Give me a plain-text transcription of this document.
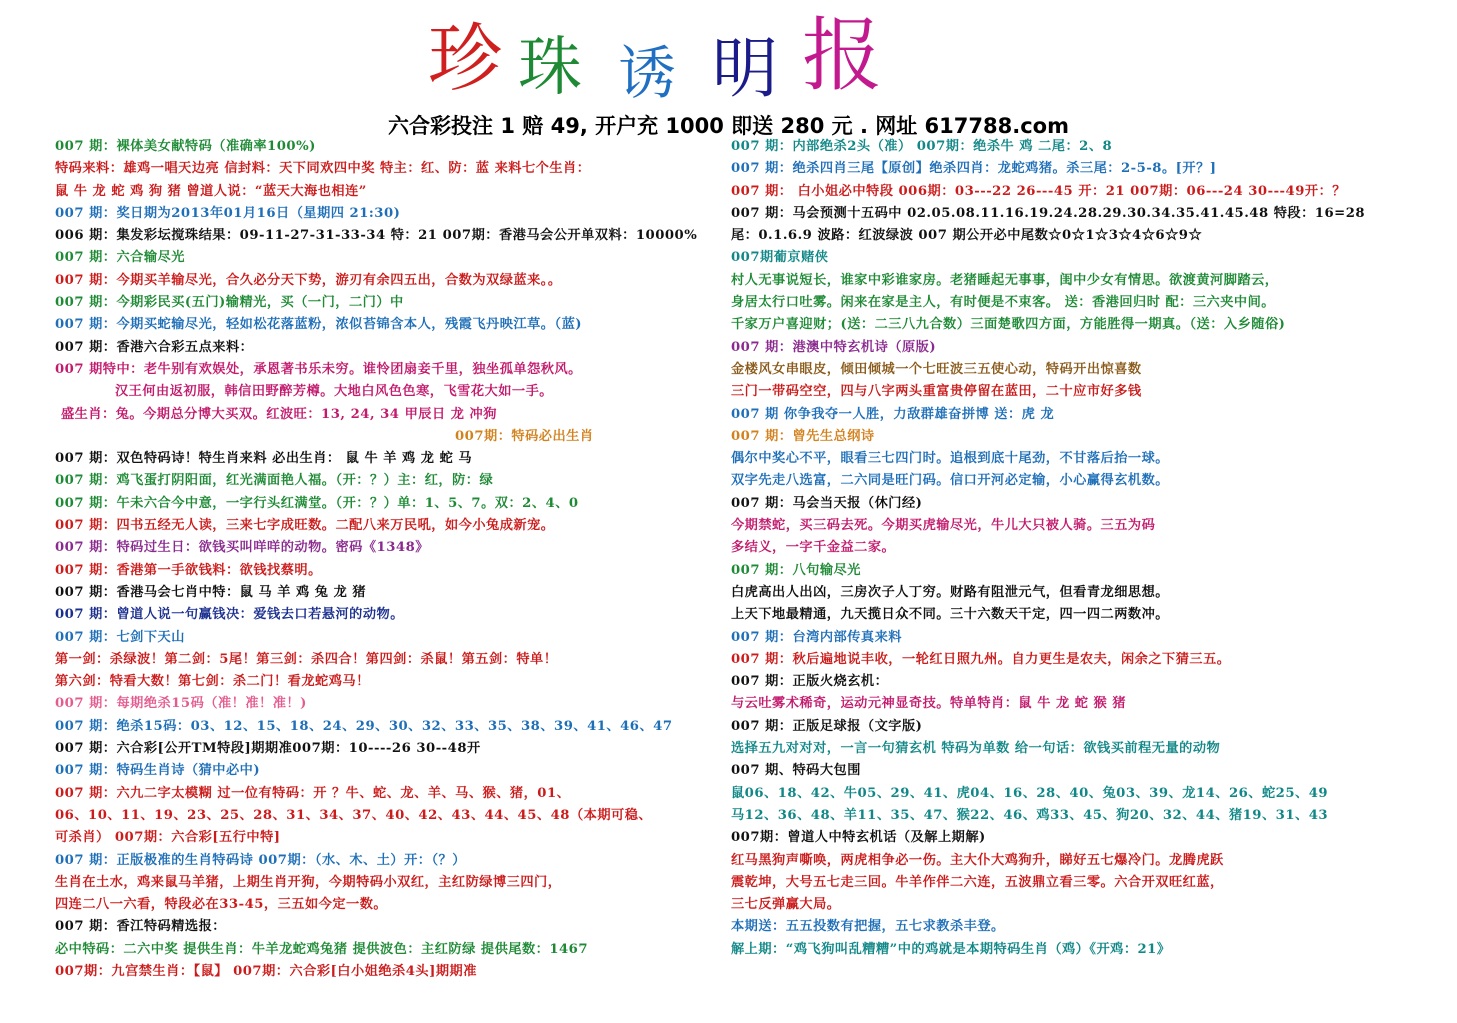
珍 珠 诱 明 报
六合彩投注 1 赔 49, 开户充 1000 即送 280 元 . 网址 617788.com
007 期：裸体美女献特码（准确率100%)
特码来料：雄鸡一唱天边亮 信封料：天下同欢四中奖 特主：红、防：蓝 来料七个生肖：
鼠 牛 龙 蛇 鸡 狗 猪 曾道人说：“蓝天大海也相连”
007 期：奖日期为2013年01月16日（星期四 21:30)
006 期：集发彩坛搅珠结果：09-11-27-31-33-34 特：21 007期：香港马会公开单双料：10000%
007 期：六合输尽光
007 期：今期买羊输尽光，合久必分天下势，游刃有余四五出，合数为双绿蓝来。。
007 期：今期彩民买(五门)输精光，买（一门，二门）中
007 期：今期买蛇输尽光，轻如松花落蓝粉，浓似苔锦含本人，残霞飞丹映江草。（蓝)
007 期：香港六合彩五点来料：
007 期特中：老牛别有欢娱处，承恩著书乐未穷。谁怜团扇妾千里，独坐孤单怨秋风。
汉王何由返初服，韩信田野醉芳樽。大地白风色色寒，飞雪花大如一手。
盛生肖：兔。今期总分博大买双。红波旺：13, 24, 34 甲辰日 龙 冲狗
007期：特码必出生肖
007 期：双色特码诗！特生肖来料 必出生肖： 鼠 牛 羊 鸡 龙 蛇 马
007 期：鸡飞蛋打阴阳面，红光满面艳人福。（开：？）主：红，防：绿
007 期：午未六合今中意，一字行头红满堂。（开：？）单：1、5、7。双：2、4、0
007 期：四书五经无人读，三来七字成旺数。二配八来万民吼，如今小兔成新宠。
007 期：特码过生日：欲钱买叫咩咩的动物。密码《1348》
007 期：香港第一手欲钱料：欲钱找蔡明。
007 期：香港马会七肖中特：鼠 马 羊 鸡 兔 龙 猪
007 期：曾道人说一句赢钱决：爱钱去口若悬河的动物。
007 期：七剑下天山
第一剑：杀绿波！第二剑：5尾！第三剑：杀四合！第四剑：杀鼠！第五剑：特单！
第六剑：特看大数！第七剑：杀二门！看龙蛇鸡马！
007 期：每期绝杀15码（准！准！准！)
007 期：绝杀15码：03、12、15、18、24、29、30、32、33、35、38、39、41、46、47
007 期：六合彩[公开TM特段]期期准007期：10----26 30--48开
007 期：特码生肖诗（猜中必中)
007 期：六九二字太模糊 过一位有特码：开 ？牛、蛇、龙、羊、马、猴、猪，01、
06、10、11、19、23、25、28、31、34、37、40、42、43、44、45、48（本期可稳、
可杀肖） 007期：六合彩[五行中特]
007 期：正版极准的生肖特码诗 007期：（水、木、土）开：（？）
生肖在土水，鸡来鼠马羊猪，上期生肖开狗，今期特码小双红，主红防绿博三四门，
四连二八一六看，特段必在33-45，三五如今定一数。
007 期：香江特码精选报：
必中特码：二六中奖 提供生肖：牛羊龙蛇鸡兔猪 提供波色：主红防绿 提供尾数：1467
007期：九宫禁生肖：【鼠】 007期：六合彩[白小姐绝杀4头]期期准
007 期：内部绝杀2头（准） 007期：绝杀牛 鸡 二尾：2、8
007 期：绝杀四肖三尾【原创】绝杀四肖：龙蛇鸡猪。杀三尾：2-5-8。[开？]
007 期： 白小姐必中特段 006期：03---22 26---45 开：21 007期：06---24 30---49开：？
007 期：马会预测十五码中 02.05.08.11.16.19.24.28.29.30.34.35.41.45.48 特段：16=28
尾：0.1.6.9 波路：红波绿波 007 期公开必中尾数☆0☆1☆3☆4☆6☆9☆
007期葡京赌侠
村人无事说短长，谁家中彩谁家房。老猪睡起无事事，闺中少女有情思。欲渡黄河脚踏云，
身居太行口吐雾。闲来在家是主人，有时便是不束客。 送：香港回归时 配：三六夹中间。
千家万户喜迎财；(送：二三八九合数）三面楚歌四方面，方能胜得一期真。（送：入乡随俗)
007 期：港澳中特玄机诗（原版)
金楼风女串眼皮，倾田倾城一个七旺波三五使心动，特码开出惊喜数
三门一带码空空，四与八字两头重富贵停留在蓝田，二十应市好多钱
007 期 你争我夺一人胜，力敌群雄奋拼博 送：虎 龙
007 期：曾先生总纲诗
偶尔中奖心不平，眼看三七四门时。追根到底十尾劲，不甘落后抬一球。
双字先走八选富，二六同是旺门码。信口开河必定输，小心赢得玄机数。
007 期：马会当天报（休门经)
今期禁蛇，买三码去死。今期买虎输尽光，牛儿大只被人骑。三五为码
多结义，一字千金益二家。
007 期：八句输尽光
白虎高出人出凶，三房次子人丁穷。财路有阻泄元气，但看青龙细思想。
上天下地最精通，九天揽日众不同。三十六数天干定，四一四二两数冲。
007 期：台湾内部传真来料
007 期：秋后遍地说丰收，一轮红日照九州。自力更生是农夫，闲余之下猜三五。
007 期：正版火烧玄机：
与云吐雾术稀奇，运动元神显奇技。特单特肖：鼠 牛 龙 蛇 猴 猪
007 期：正版足球报（文字版)
选择五九对对对，一言一句猜玄机 特码为单数 给一句话：欲钱买前程无量的动物
007 期、特码大包围
鼠06、18、42、牛05、29、41、虎04、16、28、40、兔03、39、龙14、26、蛇25、49
马12、36、48、羊11、35、47、猴22、46、鸡33、45、狗20、32、44、猪19、31、43
007期：曾道人中特玄机话（及解上期解)
红马黑狗声嘶唤，两虎相争必一伤。主大仆大鸡狗升，睇好五七爆冷门。龙腾虎跃
震乾坤，大号五七走三回。牛羊作伴二六连，五波鼎立看三零。六合开双旺红蓝，
三七反弹赢大局。
本期送：五五投数有把握，五七求教杀丰登。
解上期：“鸡飞狗叫乱糟糟”中的鸡就是本期特码生肖（鸡）《开鸡：21》
